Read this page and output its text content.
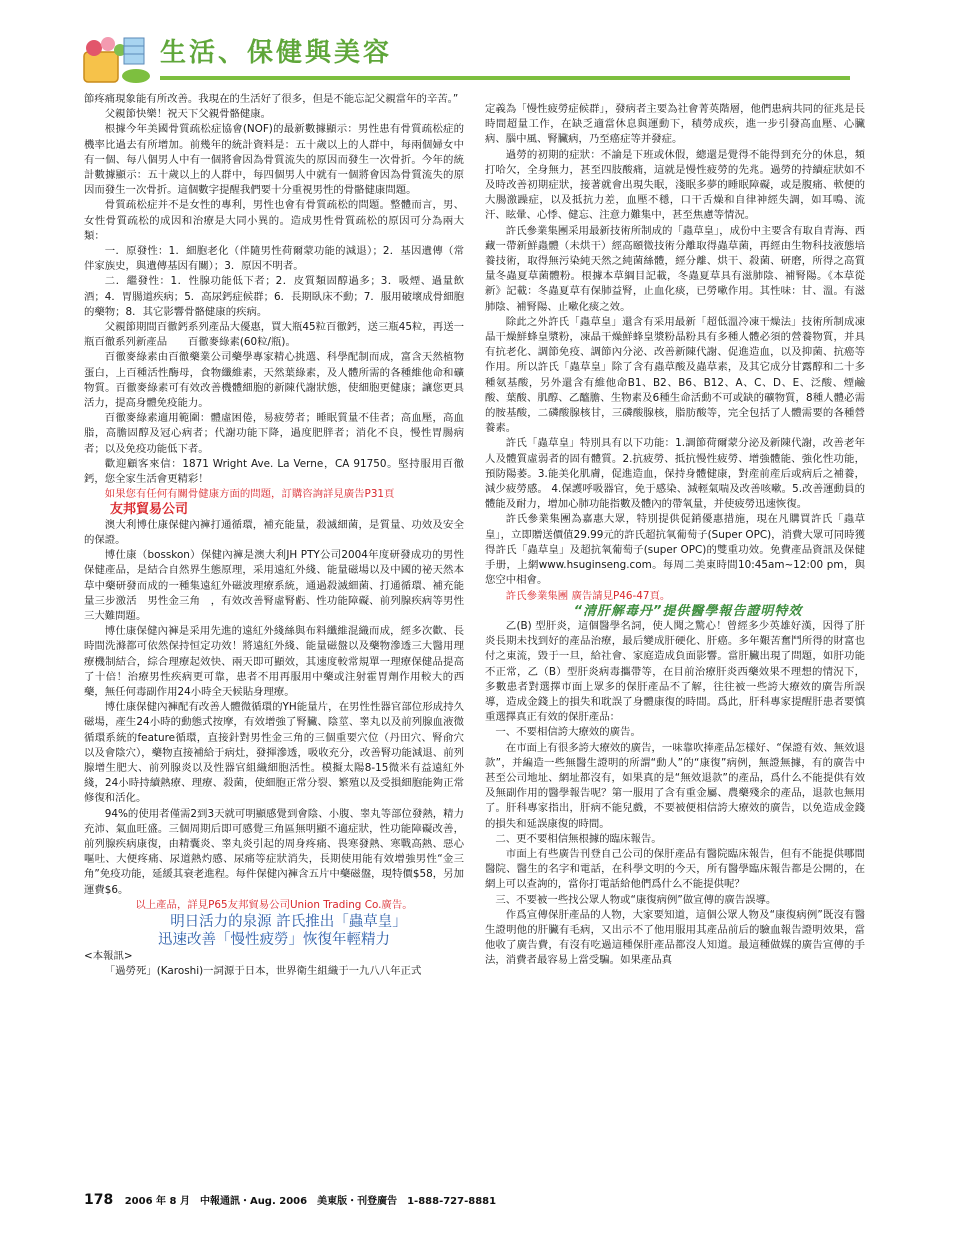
生活、保健與美容

節疼痛現象能有所改善。我現在的生活好了很多，但是不能忘記父親當年的辛苦。”

父親節快樂！祝天下父親骨骼健康。

根據今年美國骨質疏松症協會(NOF)的最新數據顯示：男性患有骨質疏松症的機率比過去有所增加。前幾年的統計資料是：五十歲以上的人群中，每兩個婦女中有一個、每八個男人中有一個將會因為骨質流失的原因而發生一次骨折。今年的統計數據顯示：五十歲以上的人群中，每四個男人中就有一個將會因為骨質流失的原因而發生一次骨折。這個數字提醒我們要十分重視男性的骨骼健康問題。

骨質疏松症并不是女性的專利，男性也會有骨質疏松的問題。整體而言，男、女性骨質疏松的成因和治療是大同小異的。造成男性骨質疏松的原因可分為兩大類：

一．原發性：1．細胞老化（伴隨男性荷爾蒙功能的減退）；2．基因遺傳（常伴家族史，與遺傳基因有關）；3．原因不明者。

二．繼發性：1．性腺功能低下者；2．皮質類固醇過多；3．吸煙、過量飲酒；4．胃腸道疾病；5．高尿鈣症候群；6．長期臥床不動；7．服用破壞成骨細胞的藥物；8．其它影響骨骼健康的疾病。

父親節期間百徹鈣系列產品大優惠，買大瓶45粒百徹鈣，送三瓶45粒，再送一瓶百徹系列新產品　　百徹麥綠素(60粒/瓶)。

百徹麥綠素由百徹藥業公司藥學專家精心挑選、科學配制而成，富含天然植物蛋白，上百種活性酶母，食物纖維素，天然葉綠素，及人體所需的各種維他命和礦物質。百徹麥綠素可有效改善機體細胞的新陳代謝狀態，使細胞更健康；讓您更具活力，提高身體免疫能力。

百徹麥綠素適用範圍：體虛困倦，易疲勞者；睡眠質量不佳者；高血壓，高血脂，高膽固醇及冠心病者；代謝功能下降，過度肥胖者；消化不良，慢性胃腸病者；以及免疫功能低下者。

歡迎顧客來信：1871 Wright Ave. La Verne，CA 91750。堅持服用百徹鈣，您全家生活會更精彩！

如果您有任何有關骨健康方面的問題，訂購咨詢詳見廣告P31頁

友邦貿易公司

澳大利博仕康保健內褲打通循環，補充能量，殺滅細菌，是質量、功效及安全的保證。

博仕康（bosskon）保健內褲是澳大利JH PTY公司2004年度研發成功的男性保健產品，是結合自然界生態原理，采用遠紅外綫、能量磁場以及中國的祕天然本草中藥研發而成的一種集遠紅外磁波理療系統，通過殺滅細菌、打通循環、補充能量三步激活　男性金三角　，有效改善腎虛腎虧、性功能障礙、前列腺疾病等男性三大難問題。

博仕康保健內褲是采用先進的遠紅外綫絲與布料纖維混織而成，經多次歡、長時間洗滌都可依然保持恒定功效！將遠紅外綫、能量磁盤以及藥物滲透三大醫用理療機制結合，綜合理療起效快、兩天即可顯效，其速度較常規單一理療保健品提高了十倍！治療男性疾病更可靠，患者不用再服用中藥或注射霍胃劑作用較大的西藥，無任何毒副作用24小時全天候貼身理療。

博仕康保健內褲配有改善人體微循環的YH能量片，在男性性器官部位形成持久磁場，產生24小時的動態式按摩，有效增強了腎臟、陰莖、睾丸以及前列腺血液微循環系統的feature循環，直接針對男性金三角的三個重要穴位（丹田穴、腎俞穴以及會陰穴），藥物直接補給于病灶，發揮滲透，吸收充分，改善腎功能減退、前列腺增生肥大、前列腺炎以及性器官組織細胞活性。模擬太陽8-15微米有益遠紅外綫，24小時持續熱療、理療、殺菌，使細胞正常分裂、繁殖以及受損細胞能夠正常修復和活化。

94%的使用者僅需2到3天就可明顯感覺到會陰、小腹、睾丸等部位發熱，精力充沛、氣血旺盛。三個周期后即可感覺三角區無明顯不適症狀，性功能障礙改善，前列腺疾病康復，由精囊炎、睾丸炎引起的周身疼痛、畏寒發熱、寒戰高熱、惡心嘔吐、大便疼痛、尿道熱灼感、尿痛等症狀消失，長期使用能有效增強男性“金三角”免疫功能，延緩其衰老進程。每件保健內褲含五片中藥磁盤，現特價$58，另加運費$6。

以上產品，詳見P65友邦貿易公司Union Trading Co.廣告。

明日活力的泉源 許氏推出「蟲草皇」
迅速改善「慢性疲勞」恢復年輕精力

<本報訊>

「過勞死」(Karoshi)一詞源于日本，世界衛生組織于一九八八年正式

定義為「慢性疲勞症候群」，發病者主要為社會菁英階層，他們患病共同的征兆是長時間超量工作，在缺乏適當休息與運動下，積勞成疾，進一步引發高血壓、心臟病、腦中風、腎臟病，乃至癌症等并發症。

過勞的初期的症狀：不論是下班或休假，總還是覺得不能得到充分的休息，頻打哈欠，全身無力，甚至四肢酸痛，這就是慢性疲勞的先兆。過勞的持續症狀如不及時改善初期症狀，接著就會出現失眠，淺眠多夢的睡眠障礙，或是腹痛、軟便的大腸激躁症，以及抵抗力差，血壓不穩，口干舌燥和自律神經失調，如耳鳴、流汗、眩暈、心悸、健忘、注意力難集中，甚至焦慮等情況。

許氏參業集團采用最新技術所制成的「蟲草皇」，成份中主要含有取自青海、西藏一帶新鮮蟲體（未烘干）經高頤微技術分離取得蟲草菌，再經由生物科技液態培養技術，取得無污染純天然之純菌絲體，經分離、烘干、殺菌、研磨，所得之高質量冬蟲夏草菌體粉。根據本草綱目記載，冬蟲夏草具有滋肺陰、補腎陽。《本草從新》記載：冬蟲夏草有保肺益腎，止血化痰，已勞嗽作用。其性味：甘、溫。有滋肺陰、補腎陽、止嗽化痰之效。

除此之外許氏「蟲草皇」還含有采用最新「超低溫冷凍干燥法」技術所制成凍晶干燥鮮蜂皇漿粉，凍晶干燥鮮蜂皇漿粉晶粉具有多種人體必須的營養物質，并具有抗老化、調節免疫、調節內分泌、改善新陳代謝、促進造血，以及抑菌、抗癌等作用。所以許氏「蟲草皇」除了含有蟲草酸及蟲草素，及其它成分甘露醇和二十多種氨基酸，另外還含有維他命B1、B2、B6、B12、A、C、D、E、泛酸、煙鹼酸、葉酸、肌醇、乙醯膽、生物素及6種生命活動不可或缺的礦物質，8種人體必需的胺基酸，二磷酸腺核甘，三磷酸腺核，脂肪酸等，完全包括了人體需要的各種營養素。

許氏「蟲草皇」特別具有以下功能：1.調節荷爾蒙分泌及新陳代謝，改善老年人及體質虛弱者的固有體質。2.抗疲勞、抵抗慢性疲勞、增強體能、強化性功能，預防陽萎。3.能美化肌膚，促進造血，保持身體健康，對産前産后或病后之補養，減少疲勞感。 4.保護呼吸器官，免于感染、減輕氣喘及改善咳嗽。5.改善運動員的體能及耐力，增加心肺功能指數及體內的帶氧量，并使疲勞迅速恢復。

許氏參業集團為嘉惠大眾，特別提供促銷優惠措施，現在凡購買許氏「蟲草皇」，立即贈送價值29.99元的許氏超抗氧葡萄子(Super OPC)，消費大眾可同時獲得許氏「蟲草皇」及超抗氧葡萄子(super OPC)的雙重功效。免費產品資訊及保健手册，上網www.hsuginseng.com。每周二美東時間10:45am~12:00 pm，與您空中相會。

許氏參業集團 廣告請見P46-47頁。

“清肝解毒丹”提供醫學報告證明特效

乙(B) 型肝炎，這個醫學名詞，使人聞之驚心！曾經多少英雄好漢，因得了肝炎長期未找到好的產品治療，最后變成肝硬化、肝癌。多年艱苦奮鬥所得的財富也付之東流，毀于一旦，給社會、家庭造成負面影響。當肝臟出現了問題，如肝功能不正常，乙（B）型肝炎病毒攜帶等，在目前治療肝炎西藥效果不理想的情況下，多數患者對選擇市面上眾多的保肝產品不了解，往往被一些誇大療效的廣告所誤導，造成金錢上的損失和耽誤了身體康復的時間。爲此，肝科專家提醒肝患者要慎重選擇真正有效的保肝產品：

一、不要相信誇大療效的廣告。

在市面上有很多誇大療效的廣告，一味靠吹捧產品怎樣好、“保證有效、無效退款”，并編造一些無醫生證明的所謂“動人”的“康復”病例，無證無據，有的廣告中甚至公司地址、網址都沒有，如果真的是“無效退款”的產品，爲什么不能提供有效及無副作用的醫學報告呢？第一服用了含有重金屬、農藥殘余的產品，退款也無用了。肝科專家指出，肝病不能兒戲，不要被便相信誇大療效的廣告，以免造成金錢的損失和延誤康復的時間。

二、更不要相信無根據的臨床報告。

市面上有些廣告刊登自己公司的保肝產品有醫院臨床報告，但有不能提供哪間醫院、醫生的名字和電話，在科學文明的今天，所有醫學臨床報告都是公開的，在網上可以查詢的，當你打電話給他們爲什么不能提供呢？

三、不要被一些找公眾人物或“康復病例”做宣傳的廣告誤導。

作爲宣傳保肝產品的人物，大家要知道，這個公眾人物及“康復病例”既沒有醫生證明他的肝臟有毛病，又出示不了他用服用其產品前后的驗血報告證明效果，當他收了廣告費，有沒有吃過這種保肝產品都沒人知道。最這種做媒的廣告宣傳的手法，消費者最容易上當受騙。如果產品真

178 2006 年 8 月　中報通訊・Aug. 2006　美東版・刊登廣告　1-888-727-8881
